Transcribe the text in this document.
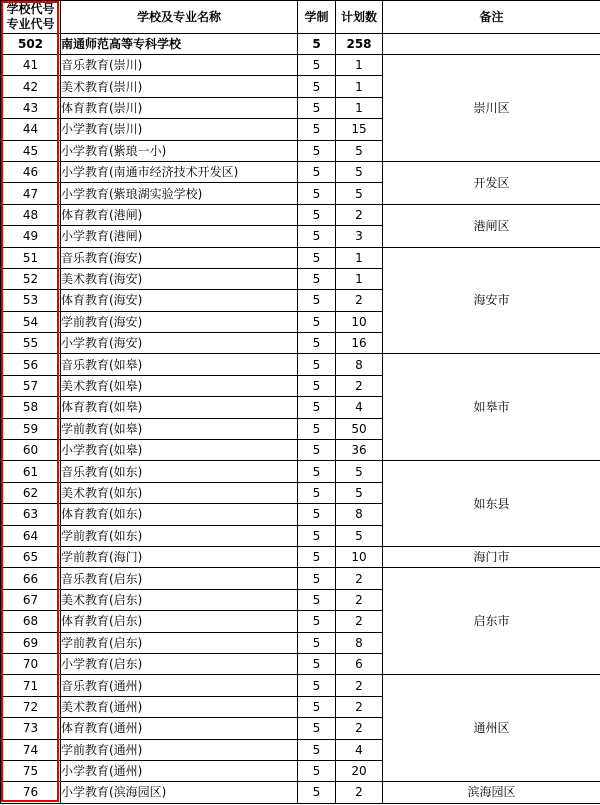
学校代号
专业代号	学校及专业名称	学制	计划数	备注
502	南通师范高等专科学校	5	258	
41	音乐教育(崇川)	5	1	崇川区
42	美术教育(崇川)	5	1	
43	体育教育(崇川)	5	1	
44	小学教育(崇川)	5	15	
45	小学教育(紫琅一小)	5	5	
46	小学教育(南通市经济技术开发区)	5	5	开发区
47	小学教育(紫琅湖实验学校)	5	5	
48	体育教育(港闸)	5	2	港闸区
49	小学教育(港闸)	5	3	
51	音乐教育(海安)	5	1	海安市
52	美术教育(海安)	5	1	
53	体育教育(海安)	5	2	
54	学前教育(海安)	5	10	
55	小学教育(海安)	5	16	
56	音乐教育(如皋)	5	8	如皋市
57	美术教育(如皋)	5	2	
58	体育教育(如皋)	5	4	
59	学前教育(如皋)	5	50	
60	小学教育(如皋)	5	36	
61	音乐教育(如东)	5	5	如东县
62	美术教育(如东)	5	5	
63	体育教育(如东)	5	8	
64	学前教育(如东)	5	5	
65	学前教育(海门)	5	10	海门市
66	音乐教育(启东)	5	2	启东市
67	美术教育(启东)	5	2	
68	体育教育(启东)	5	2	
69	学前教育(启东)	5	8	
70	小学教育(启东)	5	6	
71	音乐教育(通州)	5	2	通州区
72	美术教育(通州)	5	2	
73	体育教育(通州)	5	2	
74	学前教育(通州)	5	4	
75	小学教育(通州)	5	20	
76	小学教育(滨海园区)	5	2	滨海园区
